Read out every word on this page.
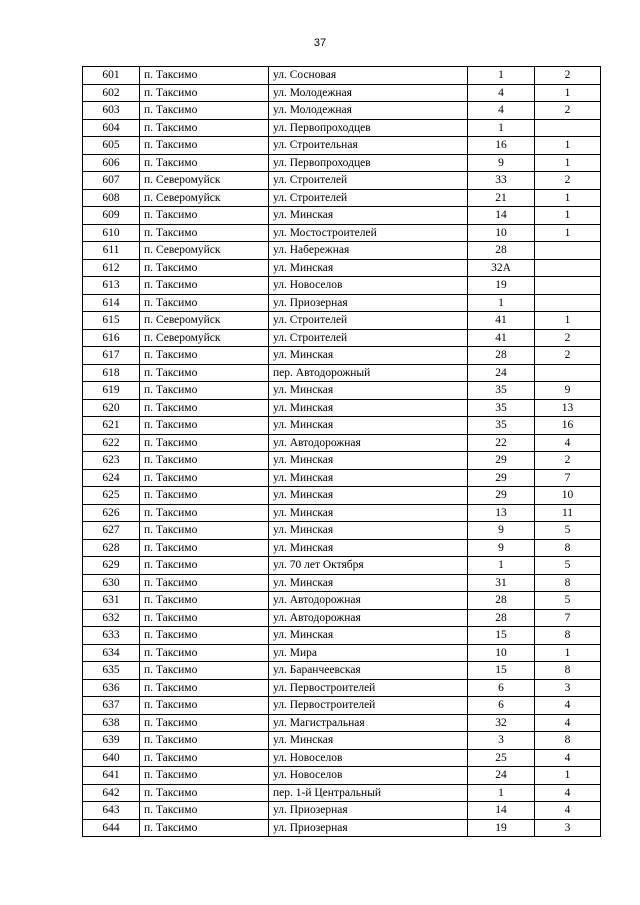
37
601	п. Таксимо	ул. Сосновая	1	2
602	п. Таксимо	ул. Молодежная	4	1
603	п. Таксимо	ул. Молодежная	4	2
604	п. Таксимо	ул. Первопроходцев	1	
605	п. Таксимо	ул. Строительная	16	1
606	п. Таксимо	ул. Первопроходцев	9	1
607	п. Северомуйск	ул. Строителей	33	2
608	п. Северомуйск	ул. Строителей	21	1
609	п. Таксимо	ул. Минская	14	1
610	п. Таксимо	ул. Мостостроителей	10	1
611	п. Северомуйск	ул. Набережная	28	
612	п. Таксимо	ул. Минская	32А	
613	п. Таксимо	ул. Новоселов	19	
614	п. Таксимо	ул. Приозерная	1	
615	п. Северомуйск	ул. Строителей	41	1
616	п. Северомуйск	ул. Строителей	41	2
617	п. Таксимо	ул. Минская	28	2
618	п. Таксимо	пер. Автодорожный	24	
619	п. Таксимо	ул. Минская	35	9
620	п. Таксимо	ул. Минская	35	13
621	п. Таксимо	ул. Минская	35	16
622	п. Таксимо	ул. Автодорожная	22	4
623	п. Таксимо	ул. Минская	29	2
624	п. Таксимо	ул. Минская	29	7
625	п. Таксимо	ул. Минская	29	10
626	п. Таксимо	ул. Минская	13	11
627	п. Таксимо	ул. Минская	9	5
628	п. Таксимо	ул. Минская	9	8
629	п. Таксимо	ул. 70 лет Октября	1	5
630	п. Таксимо	ул. Минская	31	8
631	п. Таксимо	ул. Автодорожная	28	5
632	п. Таксимо	ул. Автодорожная	28	7
633	п. Таксимо	ул. Минская	15	8
634	п. Таксимо	ул. Мира	10	1
635	п. Таксимо	ул. Баранчеевская	15	8
636	п. Таксимо	ул. Первостроителей	6	3
637	п. Таксимо	ул. Первостроителей	6	4
638	п. Таксимо	ул. Магистральная	32	4
639	п. Таксимо	ул. Минская	3	8
640	п. Таксимо	ул. Новоселов	25	4
641	п. Таксимо	ул. Новоселов	24	1
642	п. Таксимо	пер. 1-й Центральный	1	4
643	п. Таксимо	ул. Приозерная	14	4
644	п. Таксимо	ул. Приозерная	19	3
